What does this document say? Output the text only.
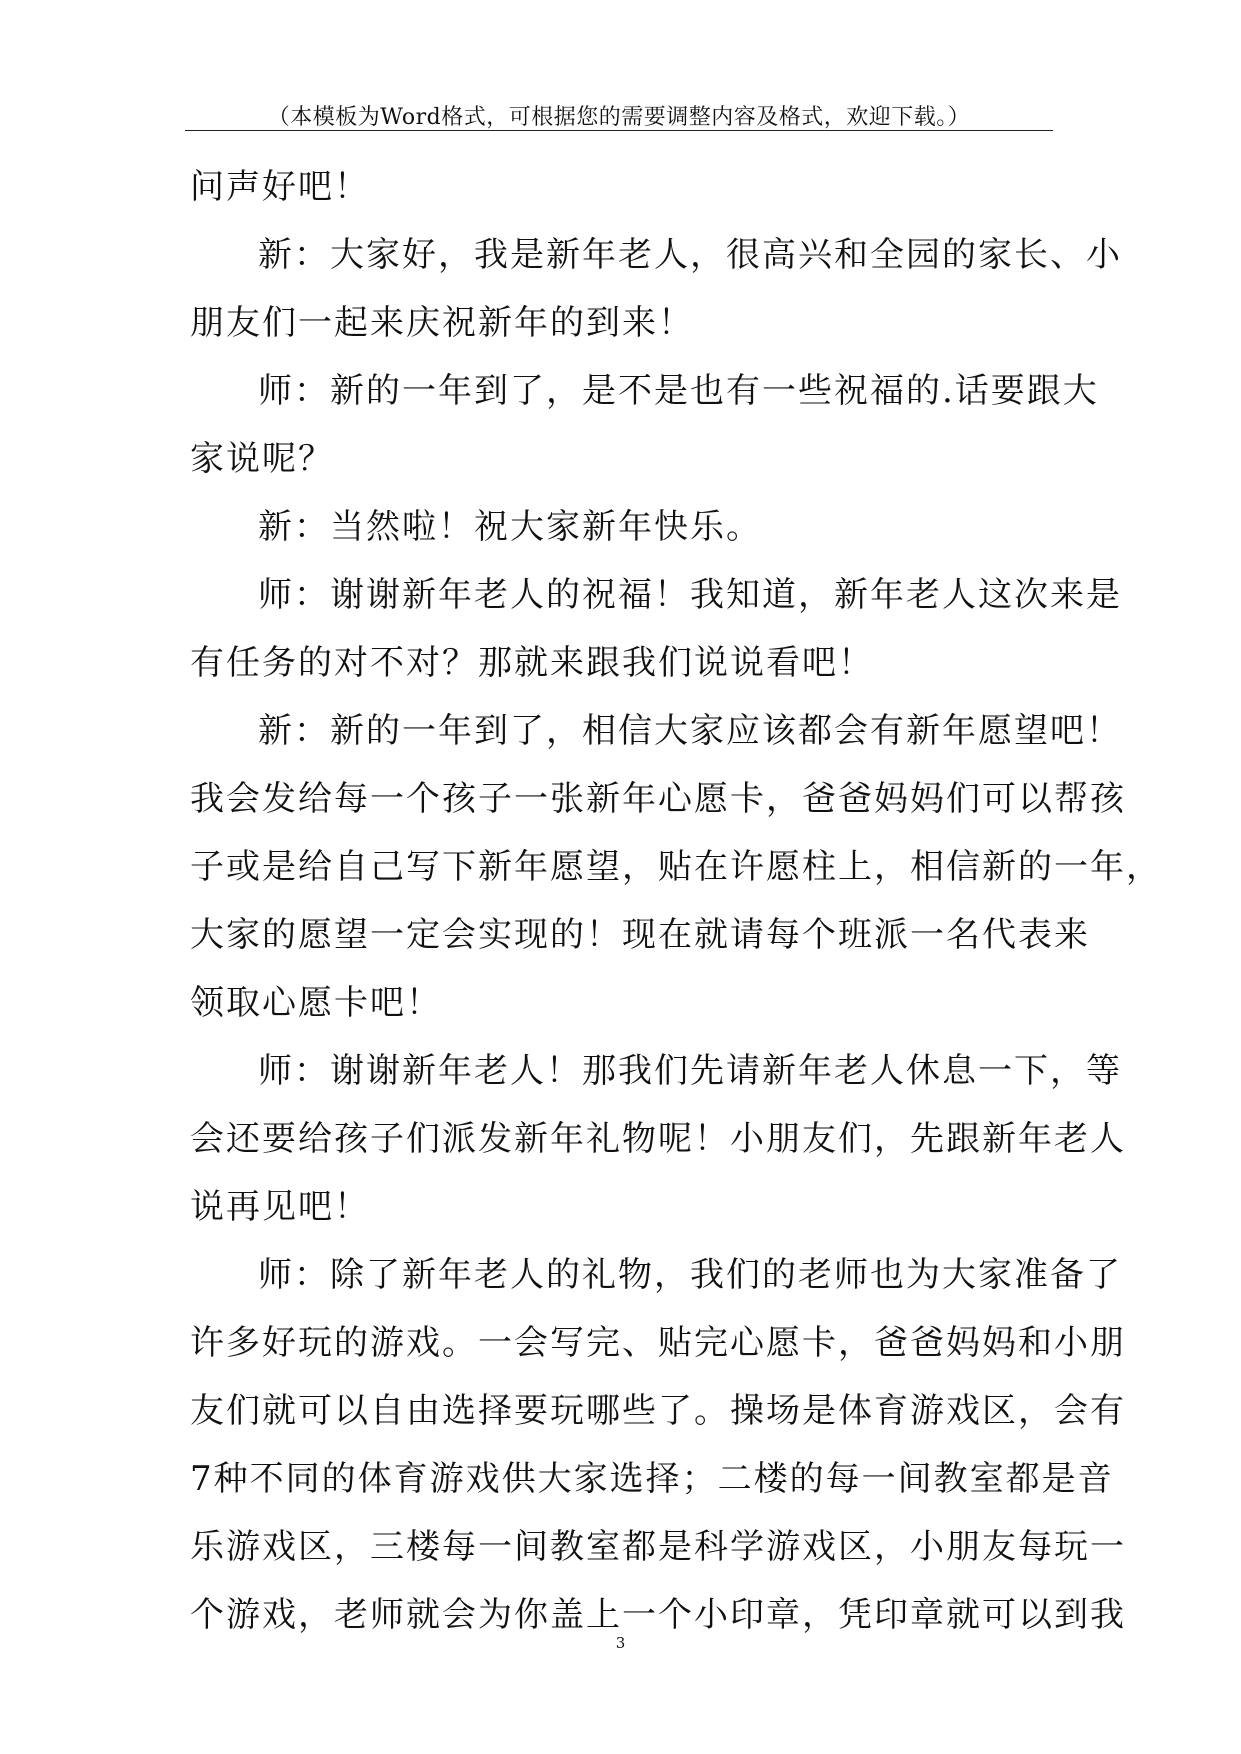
（本模板为Word格式，可根据您的需要调整内容及格式，欢迎下载。）
问声好吧！
新：大家好，我是新年老人，很高兴和全园的家长、小
朋友们一起来庆祝新年的到来！
师：新的一年到了，是不是也有一些祝福的.话要跟大
家说呢？
新：当然啦！祝大家新年快乐。
师：谢谢新年老人的祝福！我知道，新年老人这次来是
有任务的对不对？那就来跟我们说说看吧！
新：新的一年到了，相信大家应该都会有新年愿望吧！
我会发给每一个孩子一张新年心愿卡，爸爸妈妈们可以帮孩
子或是给自己写下新年愿望，贴在许愿柱上，相信新的一年，
大家的愿望一定会实现的！现在就请每个班派一名代表来
领取心愿卡吧！
师：谢谢新年老人！那我们先请新年老人休息一下，等
会还要给孩子们派发新年礼物呢！小朋友们，先跟新年老人
说再见吧！
师：除了新年老人的礼物，我们的老师也为大家准备了
许多好玩的游戏。一会写完、贴完心愿卡，爸爸妈妈和小朋
友们就可以自由选择要玩哪些了。操场是体育游戏区，会有
7种不同的体育游戏供大家选择；二楼的每一间教室都是音
乐游戏区，三楼每一间教室都是科学游戏区，小朋友每玩一
个游戏，老师就会为你盖上一个小印章，凭印章就可以到我
3
